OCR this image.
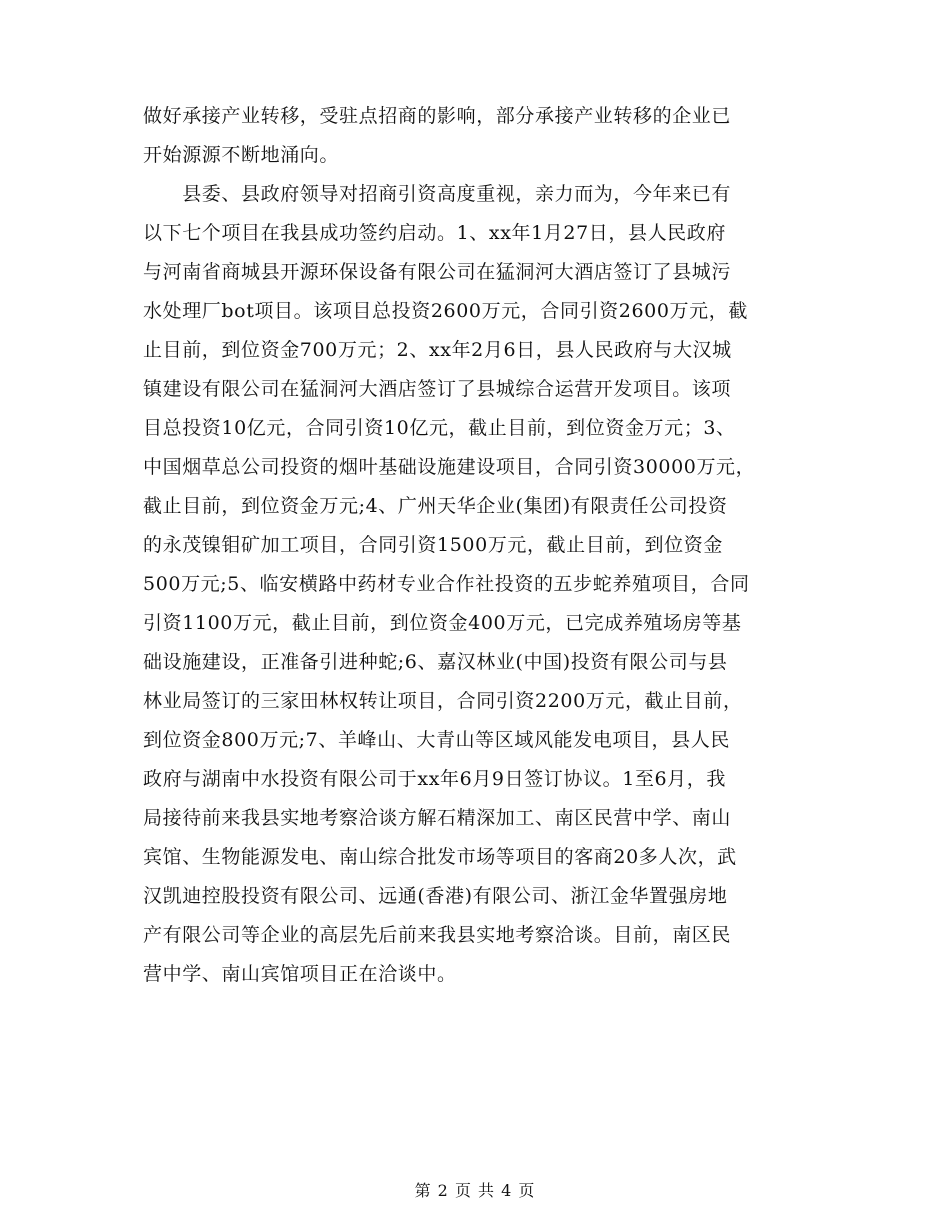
做好承接产业转移，受驻点招商的影响，部分承接产业转移的企业已
开始源源不断地涌向。
　　县委、县政府领导对招商引资高度重视，亲力而为，今年来已有
以下七个项目在我县成功签约启动。1、xx年1月27日，县人民政府
与河南省商城县开源环保设备有限公司在猛洞河大酒店签订了县城污
水处理厂bot项目。该项目总投资2600万元，合同引资2600万元，截
止目前，到位资金700万元；2、xx年2月6日，县人民政府与大汉城
镇建设有限公司在猛洞河大酒店签订了县城综合运营开发项目。该项
目总投资10亿元，合同引资10亿元，截止目前，到位资金万元；3、
中国烟草总公司投资的烟叶基础设施建设项目，合同引资30000万元，
截止目前，到位资金万元;4、广州天华企业(集团)有限责任公司投资
的永茂镍钼矿加工项目，合同引资1500万元，截止目前，到位资金
500万元;5、临安横路中药材专业合作社投资的五步蛇养殖项目，合同
引资1100万元，截止目前，到位资金400万元，已完成养殖场房等基
础设施建设，正准备引进种蛇;6、嘉汉林业(中国)投资有限公司与县
林业局签订的三家田林权转让项目，合同引资2200万元，截止目前，
到位资金800万元;7、羊峰山、大青山等区域风能发电项目，县人民
政府与湖南中水投资有限公司于xx年6月9日签订协议。1至6月，我
局接待前来我县实地考察洽谈方解石精深加工、南区民营中学、南山
宾馆、生物能源发电、南山综合批发市场等项目的客商20多人次，武
汉凯迪控股投资有限公司、远通(香港)有限公司、浙江金华置强房地
产有限公司等企业的高层先后前来我县实地考察洽谈。目前，南区民
营中学、南山宾馆项目正在洽谈中。
第 2 页 共 4 页
